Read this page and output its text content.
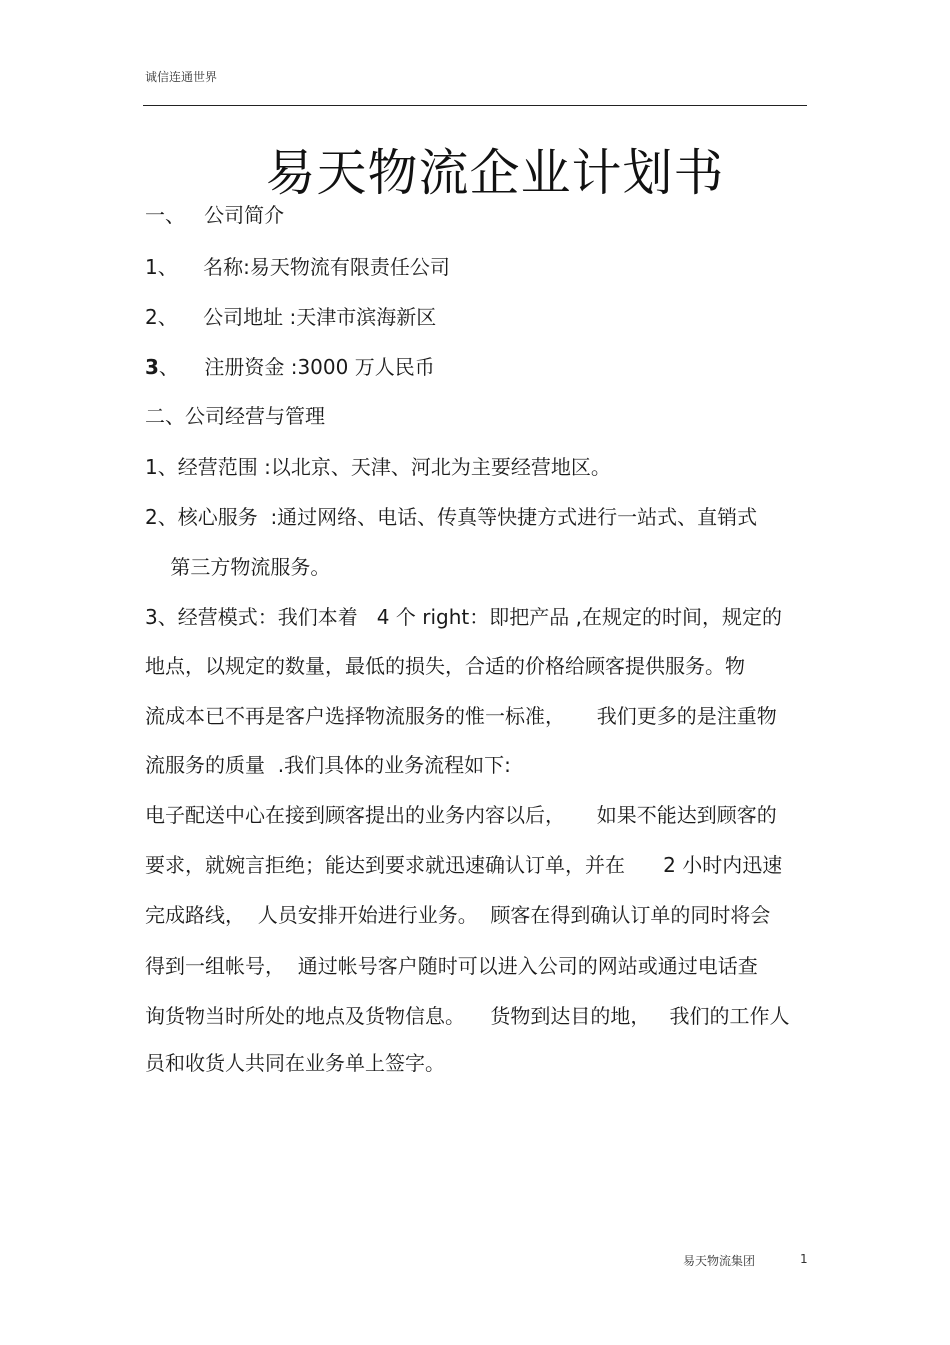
诚信连通世界
易天物流企业计划书

一、   公司简介

1、    名称:易天物流有限责任公司

2、    公司地址 :天津市滨海新区

3、    注册资金 :3000 万人民币

二、公司经营与管理

1、经营范围 :以北京、天津、河北为主要经营地区。

2、核心服务  :通过网络、电话、传真等快捷方式进行一站式、直销式

第三方物流服务。

3、经营模式：我们本着   4 个 right：即把产品 ,在规定的时间，规定的

地点，以规定的数量，最低的损失，合适的价格给顾客提供服务。物

流成本已不再是客户选择物流服务的惟一标准，     我们更多的是注重物

流服务的质量  .我们具体的业务流程如下:

电子配送中心在接到顾客提出的业务内容以后，     如果不能达到顾客的

要求，就婉言拒绝；能达到要求就迅速确认订单，并在      2 小时内迅速

完成路线，  人员安排开始进行业务。  顾客在得到确认订单的同时将会

得到一组帐号，  通过帐号客户随时可以进入公司的网站或通过电话查

询货物当时所处的地点及货物信息。    货物到达目的地，   我们的工作人

员和收货人共同在业务单上签字。

易天物流集团	1
